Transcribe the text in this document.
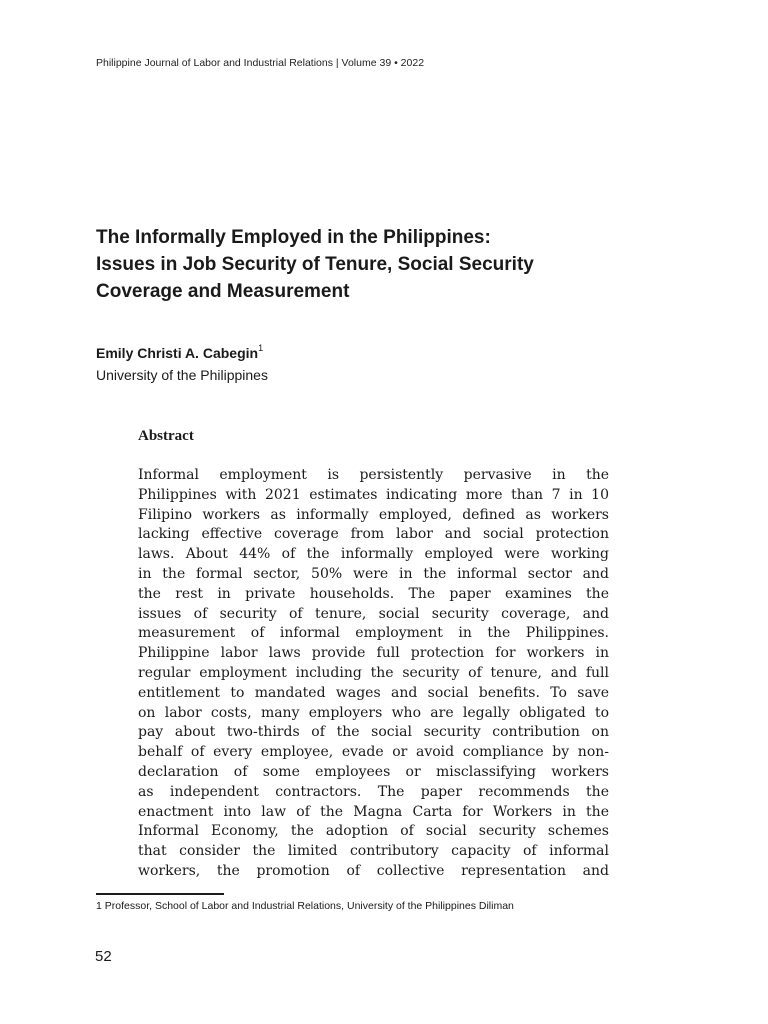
Philippine Journal of Labor and Industrial Relations | Volume 39 • 2022
The Informally Employed in the Philippines:
Issues in Job Security of Tenure, Social Security
Coverage and Measurement
Emily Christi A. Cabegin$^1$
University of the Philippines
Abstract
Informal employment is persistently pervasive in the
Philippines with 2021 estimates indicating more than 7 in 10
Filipino workers as informally employed, defined as workers
lacking effective coverage from labor and social protection
laws. About 44% of the informally employed were working
in the formal sector, 50% were in the informal sector and
the rest in private households. The paper examines the
issues of security of tenure, social security coverage, and
measurement of informal employment in the Philippines.
Philippine labor laws provide full protection for workers in
regular employment including the security of tenure, and full
entitlement to mandated wages and social benefits. To save
on labor costs, many employers who are legally obligated to
pay about two-thirds of the social security contribution on
behalf of every employee, evade or avoid compliance by non-
declaration of some employees or misclassifying workers
as independent contractors. The paper recommends the
enactment into law of the Magna Carta for Workers in the
Informal Economy, the adoption of social security schemes
that consider the limited contributory capacity of informal
workers, the promotion of collective representation and
1 Professor, School of Labor and Industrial Relations, University of the Philippines Diliman
52
